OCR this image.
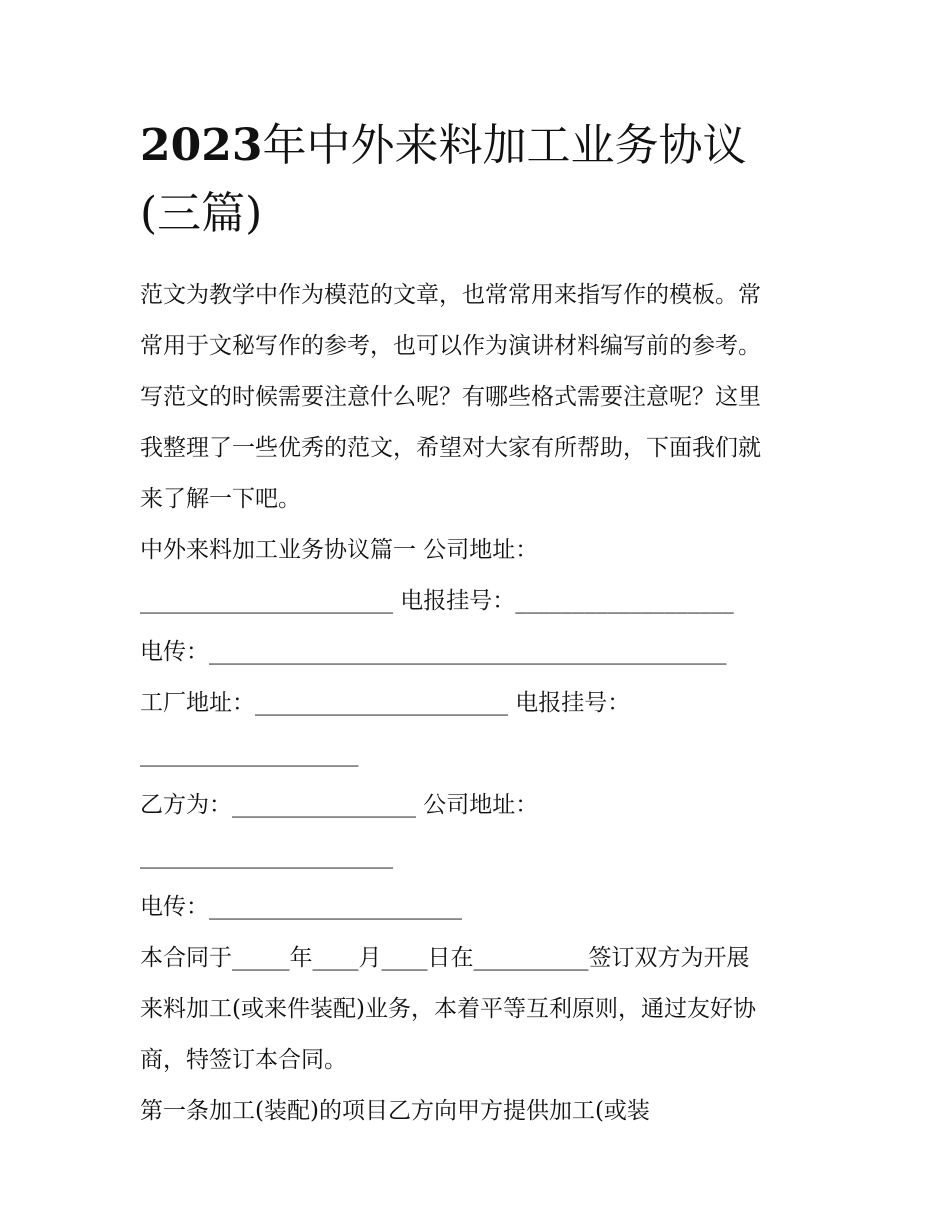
2023年中外来料加工业务协议
(三篇)

范文为教学中作为模范的文章，也常常用来指写作的模板。常

常用于文秘写作的参考，也可以作为演讲材料编写前的参考。

写范文的时候需要注意什么呢？有哪些格式需要注意呢？这里

我整理了一些优秀的范文，希望对大家有所帮助，下面我们就

来了解一下吧。

中外来料加工业务协议篇一 公司地址：

______________________ 电报挂号：___________________

电传：_____________________________________________

工厂地址：______________________ 电报挂号：

___________________

乙方为：________________ 公司地址：

______________________

电传：______________________

本合同于_____年____月____日在__________签订双方为开展

来料加工(或来件装配)业务，本着平等互利原则，通过友好协

商，特签订本合同。

第一条加工(装配)的项目乙方向甲方提供加工(或装
